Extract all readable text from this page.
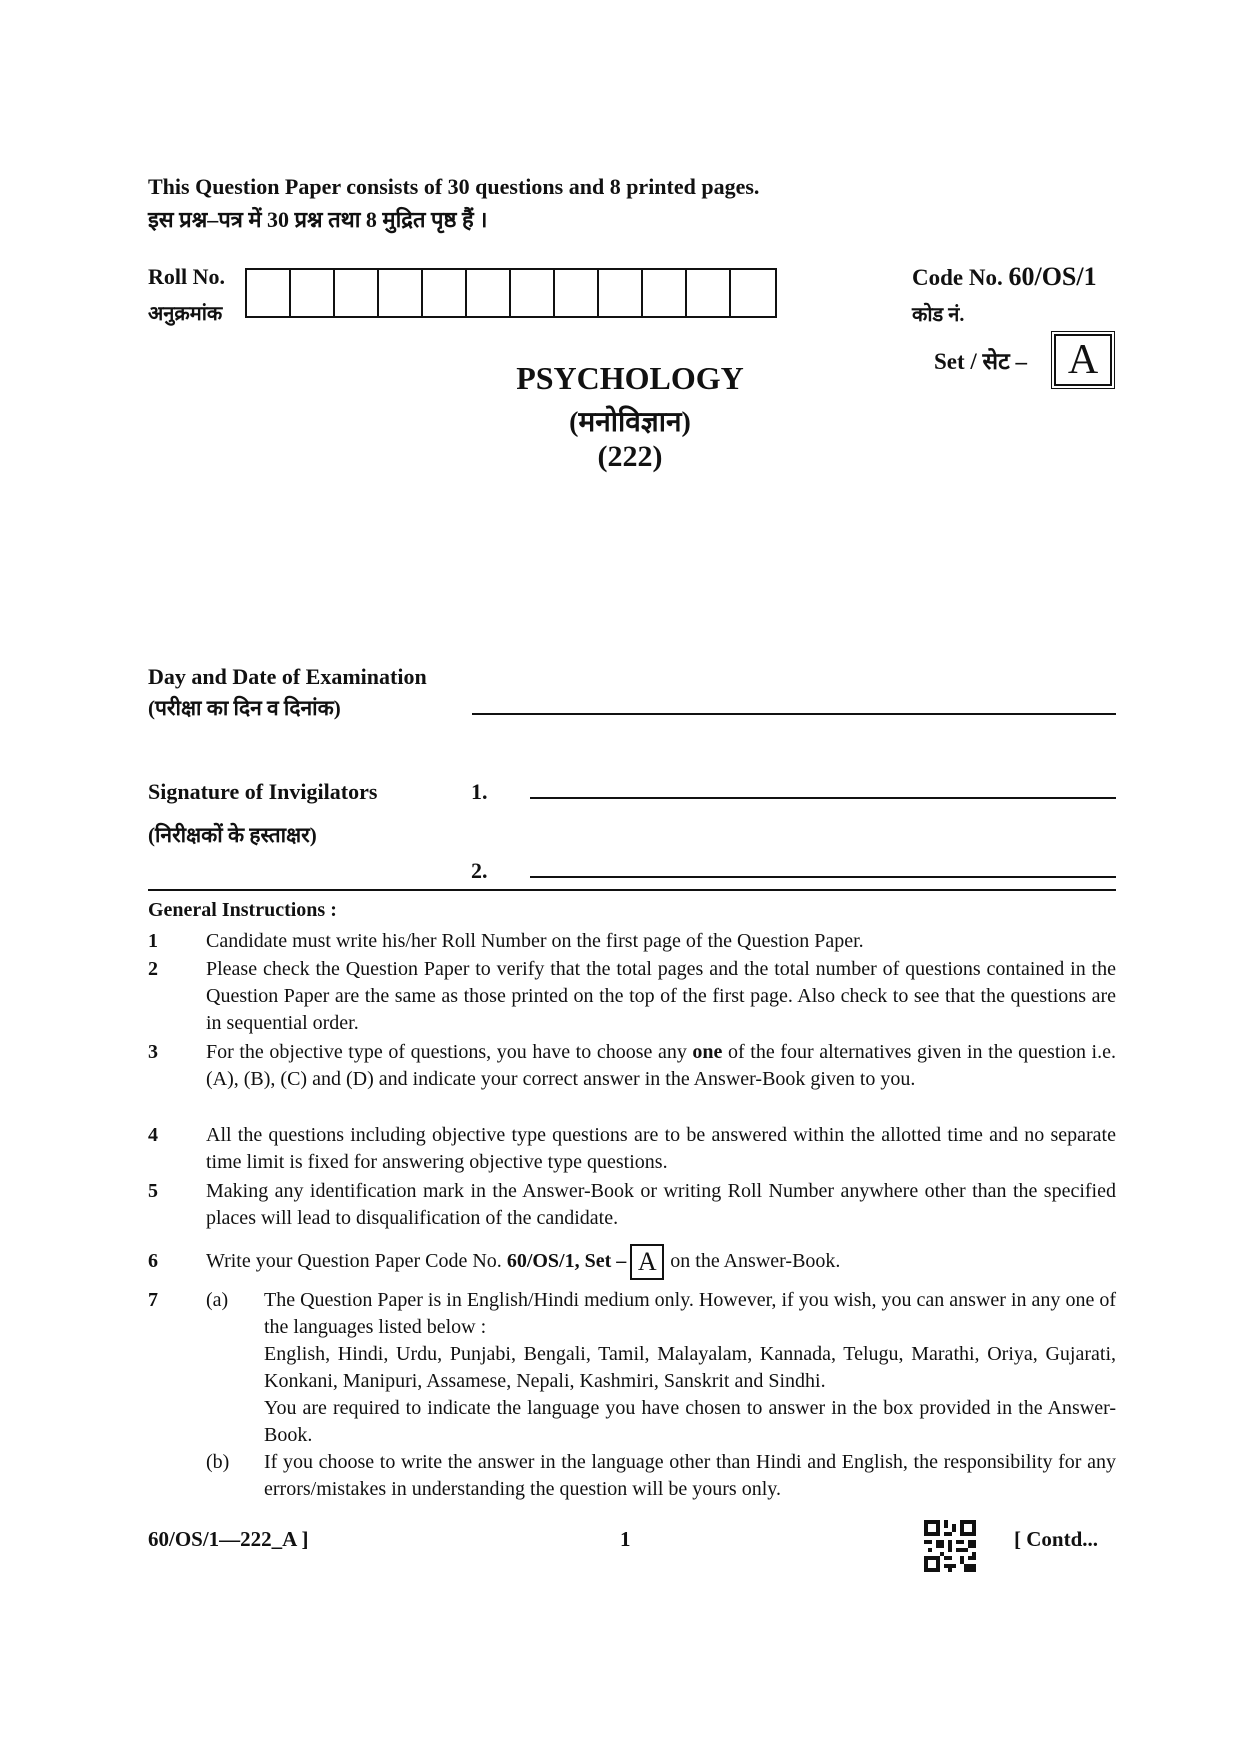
This Question Paper consists of 30 questions and 8 printed pages.
इस प्रश्न–पत्र में 30 प्रश्न तथा 8 मुद्रित पृष्ठ हैं ।
Roll No.
अनुक्रमांक
Code No. 60/OS/1
कोड नं.
Set / सेट – A
PSYCHOLOGY
(मनोविज्ञान)
(222)
Day and Date of Examination
(परीक्षा का दिन व दिनांक)
Signature of Invigilators
(निरीक्षकों के हस्ताक्षर)
1.
2.
General Instructions :
1	Candidate must write his/her Roll Number on the first page of the Question Paper.
2	Please check the Question Paper to verify that the total pages and the total number of questions contained in the Question Paper are the same as those printed on the top of the first page. Also check to see that the questions are in sequential order.
3	For the objective type of questions, you have to choose any one of the four alternatives given in the question i.e. (A), (B), (C) and (D) and indicate your correct answer in the Answer-Book given to you.
4	All the questions including objective type questions are to be answered within the allotted time and no separate time limit is fixed for answering objective type questions.
5	Making any identification mark in the Answer-Book or writing Roll Number anywhere other than the specified places will lead to disqualification of the candidate.
6	Write your Question Paper Code No. 60/OS/1, Set – A on the Answer-Book.
7	(a) The Question Paper is in English/Hindi medium only. However, if you wish, you can answer in any one of the languages listed below :
English, Hindi, Urdu, Punjabi, Bengali, Tamil, Malayalam, Kannada, Telugu, Marathi, Oriya, Gujarati, Konkani, Manipuri, Assamese, Nepali, Kashmiri, Sanskrit and Sindhi.
You are required to indicate the language you have chosen to answer in the box provided in the Answer-Book.
(b) If you choose to write the answer in the language other than Hindi and English, the responsibility for any errors/mistakes in understanding the question will be yours only.
60/OS/1—222_A ]	1	[ Contd...
